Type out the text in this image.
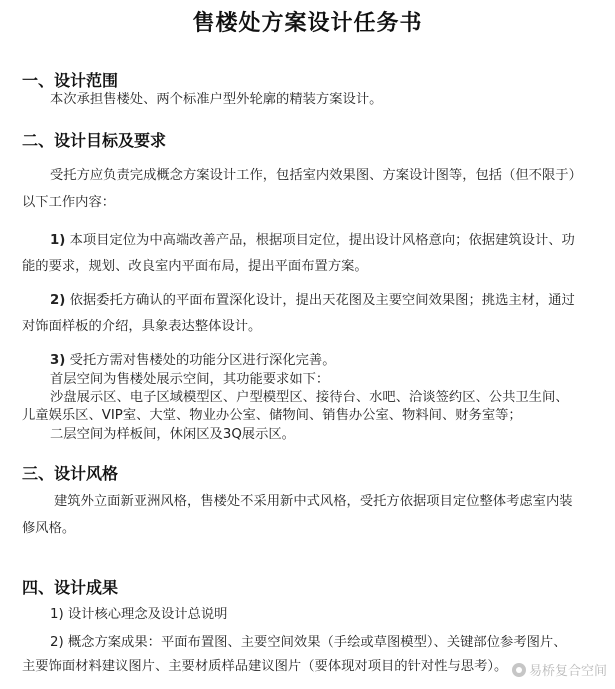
售楼处方案设计任务书
一、设计范围
本次承担售楼处、两个标准户型外轮廓的精装方案设计。
二、设计目标及要求
受托方应负责完成概念方案设计工作，包括室内效果图、方案设计图等，包括（但不限于）
以下工作内容：
1) 本项目定位为中高端改善产品，根据项目定位，提出设计风格意向；依据建筑设计、功
能的要求，规划、改良室内平面布局，提出平面布置方案。
2) 依据委托方确认的平面布置深化设计，提出天花图及主要空间效果图；挑选主材，通过
对饰面样板的介绍，具象表达整体设计。
3) 受托方需对售楼处的功能分区进行深化完善。
首层空间为售楼处展示空间，其功能要求如下：
沙盘展示区、电子区域模型区、户型模型区、接待台、水吧、洽谈签约区、公共卫生间、
儿童娱乐区、VIP室、大堂、物业办公室、储物间、销售办公室、物料间、财务室等；
二层空间为样板间，休闲区及3Q展示区。
三、设计风格
建筑外立面新亚洲风格，售楼处不采用新中式风格，受托方依据项目定位整体考虑室内装
修风格。
四、设计成果
1) 设计核心理念及设计总说明
2) 概念方案成果：平面布置图、主要空间效果（手绘或草图模型）、关键部位参考图片、
主要饰面材料建议图片、主要材质样品建议图片（要体现对项目的针对性与思考）。 易桥复合空间
